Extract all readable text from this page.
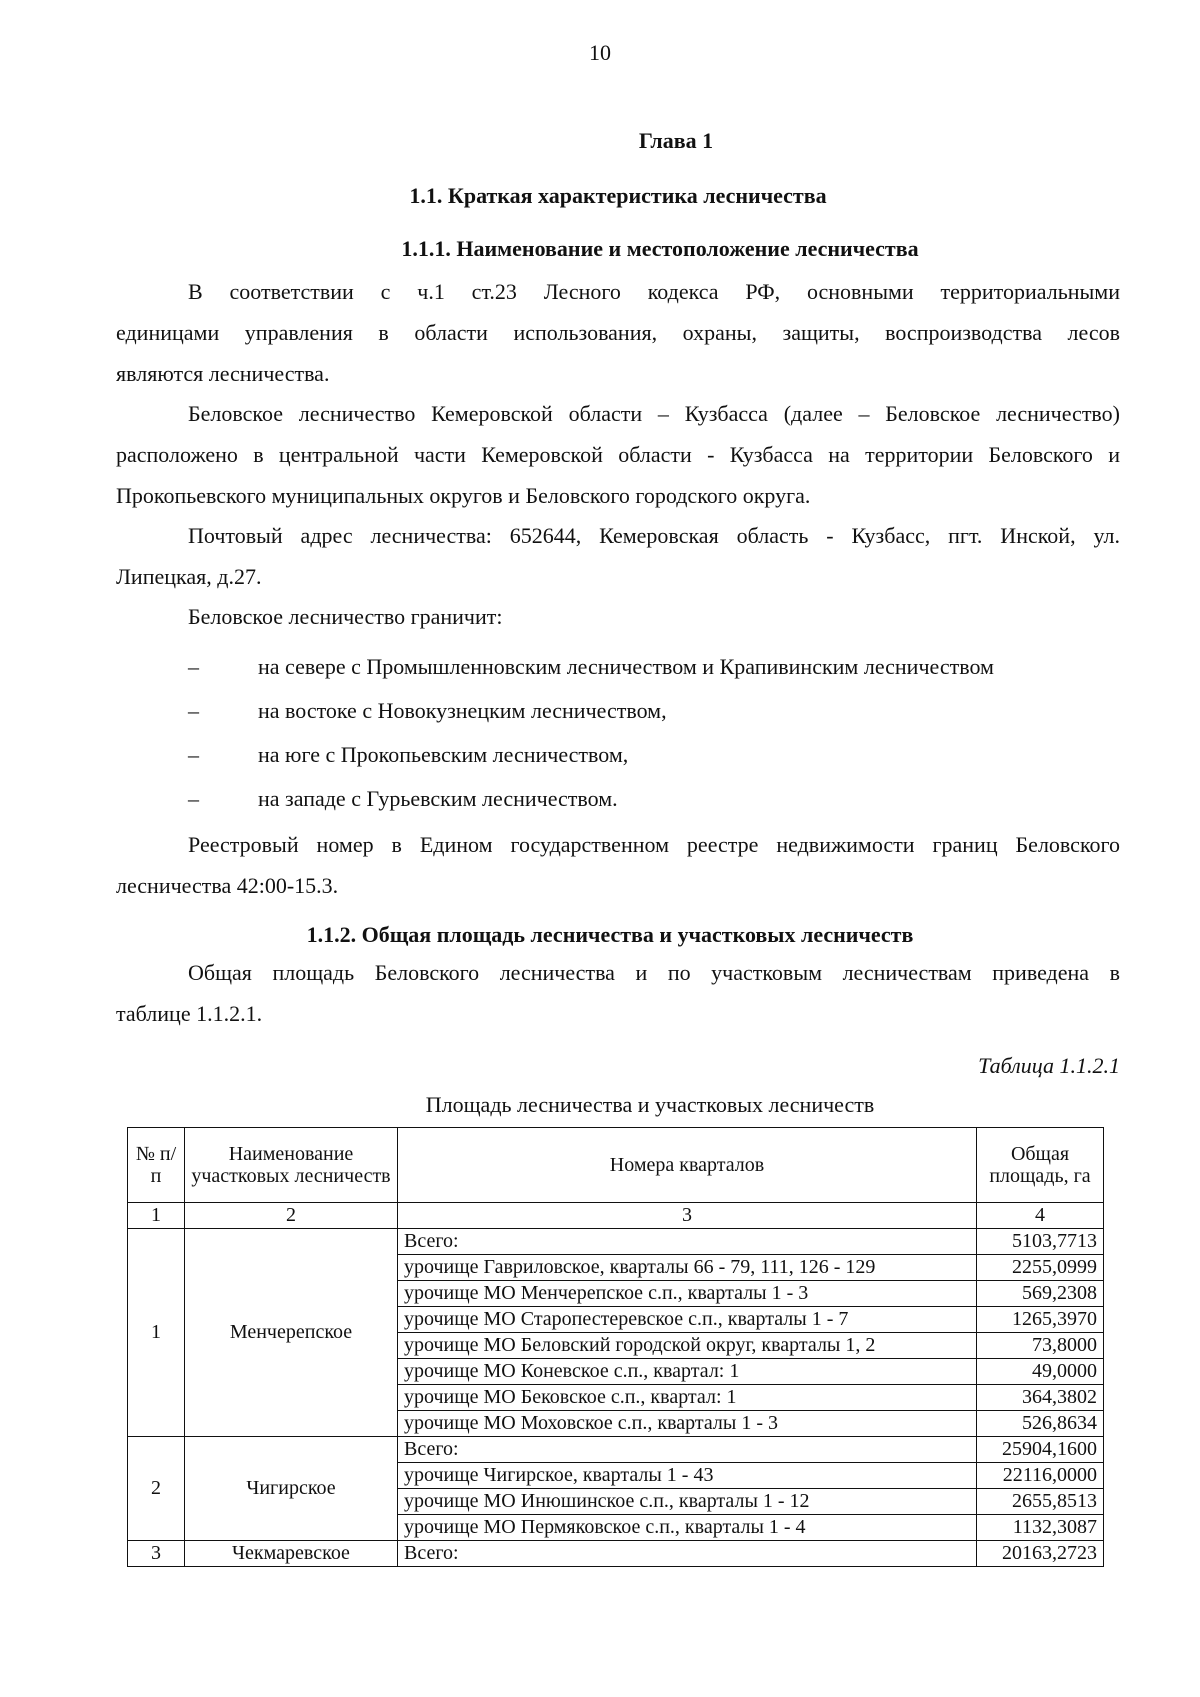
10
Глава 1
1.1. Краткая характеристика лесничества
1.1.1. Наименование и местоположение лесничества
В соответствии с ч.1 ст.23 Лесного кодекса РФ, основными территориальными
единицами управления в области использования, охраны, защиты, воспроизводства лесов
являются лесничества.
Беловское лесничество Кемеровской области – Кузбасса (далее – Беловское лесничество)
расположено в центральной части Кемеровской области - Кузбасса на территории Беловского и
Прокопьевского муниципальных округов и Беловского городского округа.
Почтовый адрес лесничества: 652644, Кемеровская область - Кузбасс, пгт. Инской, ул.
Липецкая, д.27.
Беловское лесничество граничит:
–	на севере с Промышленновским лесничеством и Крапивинским лесничеством
–	на востоке с Новокузнецким лесничеством,
–	на юге с Прокопьевским лесничеством,
–	на западе с Гурьевским лесничеством.
Реестровый номер в Едином государственном реестре недвижимости границ Беловского
лесничества 42:00-15.3.
1.1.2. Общая площадь лесничества и участковых лесничеств
Общая площадь Беловского лесничества и по участковым лесничествам приведена в
таблице 1.1.2.1.
Таблица 1.1.2.1
Площадь лесничества и участковых лесничеств
№ п/п	Наименование участковых лесничеств	Номера кварталов	Общая площадь, га
1	2	3	4
1	Менчерепское	Всего:	5103,7713
		урочище Гавриловское, кварталы 66 - 79, 111, 126 - 129	2255,0999
		урочище МО Менчерепское с.п., кварталы 1 - 3	569,2308
		урочище МО Старопестеревское с.п., кварталы 1 - 7	1265,3970
		урочище МО Беловский городской округ, кварталы 1, 2	73,8000
		урочище МО Коневское с.п., квартал: 1	49,0000
		урочище МО Бековское с.п., квартал: 1	364,3802
		урочище МО Моховское с.п., кварталы 1 - 3	526,8634
2	Чигирское	Всего:	25904,1600
		урочище Чигирское, кварталы 1 - 43	22116,0000
		урочище МО Инюшинское с.п., кварталы 1 - 12	2655,8513
		урочище МО Пермяковское с.п., кварталы 1 - 4	1132,3087
3	Чекмаревское	Всего:	20163,2723
